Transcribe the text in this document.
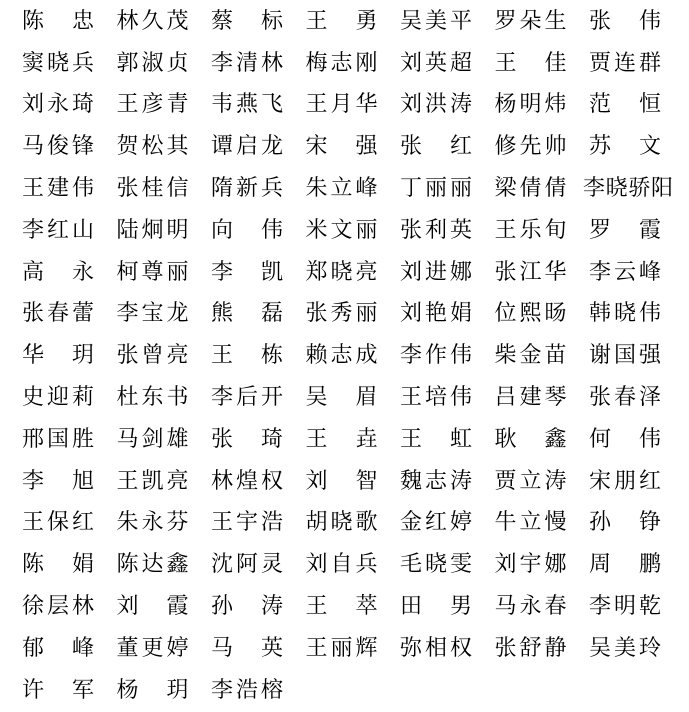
陈 忠 林 久 茂 蔡 标 王 勇 吴 美 平 罗 朵 生 张 伟
窦 晓 兵 郭 淑 贞 李 清 林 梅 志 刚 刘 英 超 王 佳 贾 连 群
刘 永 琦 王 彦 青 韦 燕 飞 王 月 华 刘 洪 涛 杨 明 炜 范 恒
马 俊 锋 贺 松 其 谭 启 龙 宋 强 张 红 修 先 帅 苏 文
王 建 伟 张 桂 信 隋 新 兵 朱 立 峰 丁 丽 丽 梁 倩 倩 李 晓 骄 阳
李 红 山 陆 炯 明 向 伟 米 文 丽 张 利 英 王 乐 旬 罗 霞
高 永 柯 尊 丽 李 凯 郑 晓 亮 刘 进 娜 张 江 华 李 云 峰
张 春 蕾 李 宝 龙 熊 磊 张 秀 丽 刘 艳 娟 位 熙 旸 韩 晓 伟
华 玥 张 曾 亮 王 栋 赖 志 成 李 作 伟 柴 金 苗 谢 国 强
史 迎 莉 杜 东 书 李 后 开 吴 眉 王 培 伟 吕 建 琴 张 春 泽
邢 国 胜 马 剑 雄 张 琦 王 垚 王 虹 耿 鑫 何 伟
李 旭 王 凯 亮 林 煌 权 刘 智 魏 志 涛 贾 立 涛 宋 朋 红
王 保 红 朱 永 芬 王 宇 浩 胡 晓 歌 金 红 婷 牛 立 慢 孙 铮
陈 娟 陈 达 鑫 沈 阿 灵 刘 自 兵 毛 晓 雯 刘 宇 娜 周 鹏
徐 层 林 刘 霞 孙 涛 王 萃 田 男 马 永 春 李 明 乾
郁 峰 董 更 婷 马 英 王 丽 辉 弥 相 权 张 舒 静 吴 美 玲
许 军 杨 玥 李 浩 榕
